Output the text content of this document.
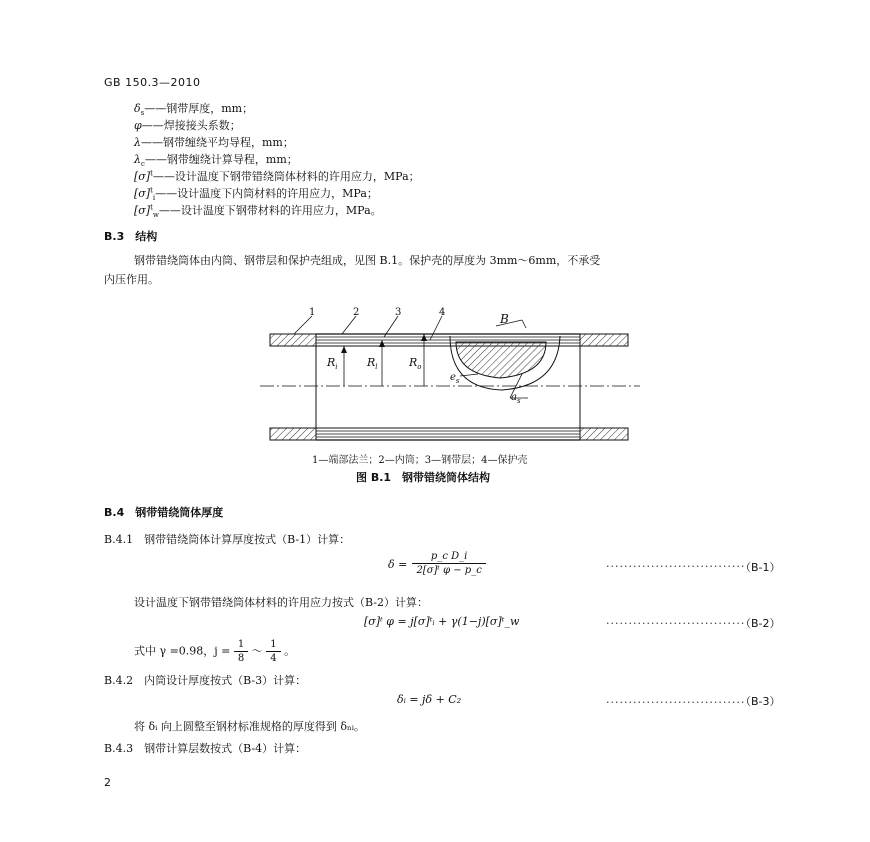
GB 150.3—2010
$\delta_s——$钢带厚度，mm；
φ——焊接接头系数；
λ——钢带缠绕平均导程，mm；
$\lambda_c——$钢带缠绕计算导程，mm；
$[\sigma]^t——$设计温度下钢带错绕筒体材料的许用应力，MPa；
$[\sigma]^t_i——$设计温度下内筒材料的许用应力，MPa；
$[\sigma]^t_w——$设计温度下钢带材料的许用应力，MPa。
B.3　结构
钢带错绕筒体由内筒、钢带层和保护壳组成，见图 B.1。保护壳的厚度为 3mm～6mm，不承受
内压作用。
1	2	3	4	B
$R_i$	$R_l$	$R_o$
$e_s$
$a_s$
1—端部法兰；2—内筒；3—钢带层；4—保护壳
图 B.1　钢带错绕筒体结构
B.4　钢带错绕筒体厚度
B.4.1　钢带错绕筒体计算厚度按式（B-1）计算：
$\delta = \frac{\text{p\_c D\_i}}{\text{2[σ]ᵗ φ − p\_c}}$	·······························
（B-1）
设计温度下钢带错绕筒体材料的许用应力按式（B-2）计算：
[σ]ᵗ φ = j[σ]ᵗᵢ + γ(1−j)[σ]ᵗ_w	·······························
（B-2）
式中 γ =0.98，$j = \frac{1}{8}$ ～ $\frac{1}{4}$ 。
B.4.2　内筒设计厚度按式（B-3）计算：
δᵢ = jδ + C₂	·······························
（B-3）
将 δᵢ 向上圆整至钢材标准规格的厚度得到 δₙᵢ。
B.4.3　钢带计算层数按式（B-4）计算：
2
